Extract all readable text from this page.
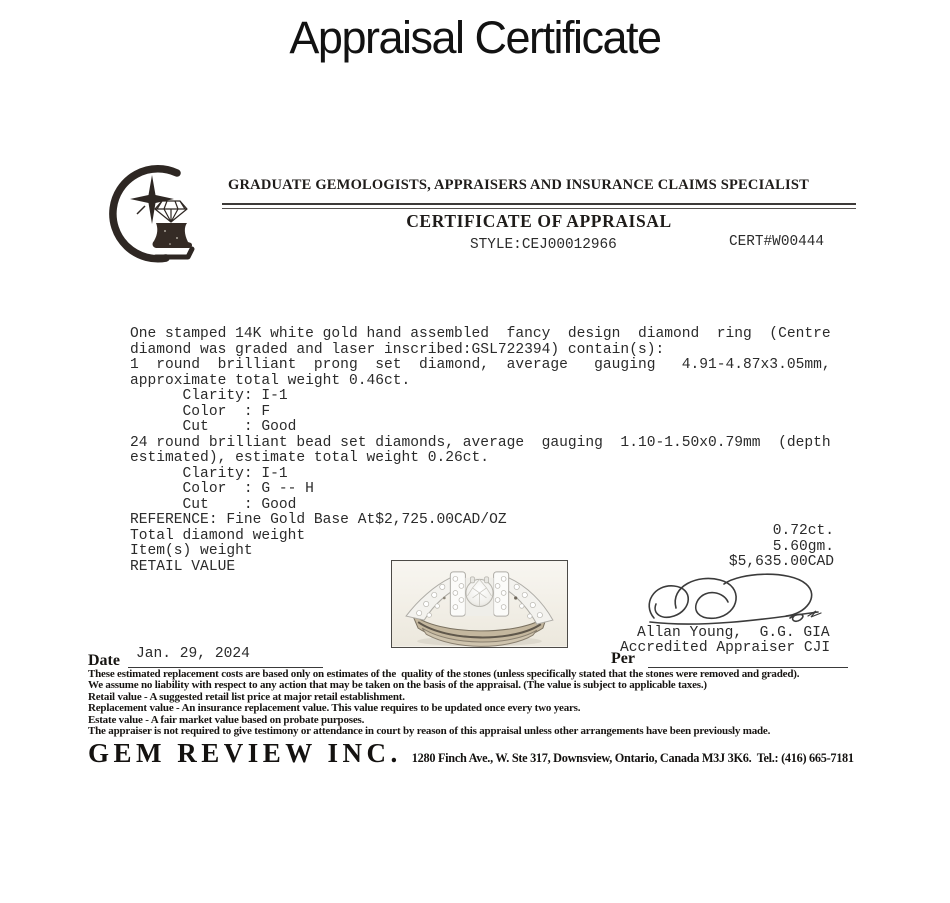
Appraisal Certificate
GRADUATE GEMOLOGISTS, APPRAISERS AND INSURANCE CLAIMS SPECIALIST
CERTIFICATE OF APPRAISAL
STYLE:CEJ00012966	CERT#W00444
One stamped 14K white gold hand assembled  fancy  design  diamond  ring  (Centre
diamond was graded and laser inscribed:GSL722394) contain(s):
1  round  brilliant  prong  set  diamond,  average   gauging   4.91-4.87x3.05mm,
approximate total weight 0.46ct.
Clarity: I-1
Color  : F
Cut    : Good
24 round brilliant bead set diamonds, average  gauging  1.10-1.50x0.79mm  (depth
estimated), estimate total weight 0.26ct.
Clarity: I-1
Color  : G -- H
Cut    : Good
REFERENCE: Fine Gold Base At$2,725.00CAD/OZ
Total diamond weight
Item(s) weight
RETAIL VALUE
0.72ct.
5.60gm.
$5,635.00CAD
Allan Young,  G.G. GIA
Accredited Appraiser CJI
Per
Date Jan. 29, 2024
These estimated replacement costs are based only on estimates of the  quality of the stones (unless specifically stated that the stones were removed and graded).
We assume no liability with respect to any action that may be taken on the basis of the appraisal. (The value is subject to applicable taxes.)
Retail value - A suggested retail list price at major retail establishment.
Replacement value - An insurance replacement value. This value requires to be updated once every two years.
Estate value - A fair market value based on probate purposes.
The appraiser is not required to give testimony or attendance in court by reason of this appraisal unless other arrangements have been previously made.
GEM REVIEW INC. 1280 Finch Ave., W. Ste 317, Downsview, Ontario, Canada M3J 3K6.  Tel.: (416) 665-7181
